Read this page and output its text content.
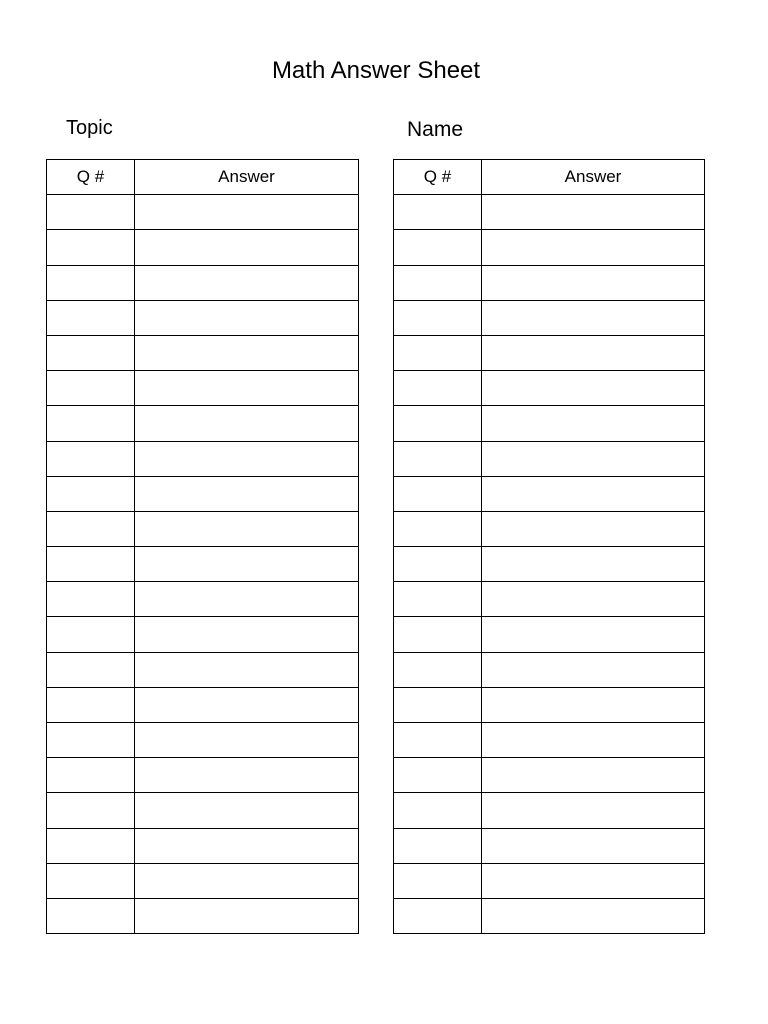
Math Answer Sheet
Topic	Name
Q #	Answer

		Q #	Answer
